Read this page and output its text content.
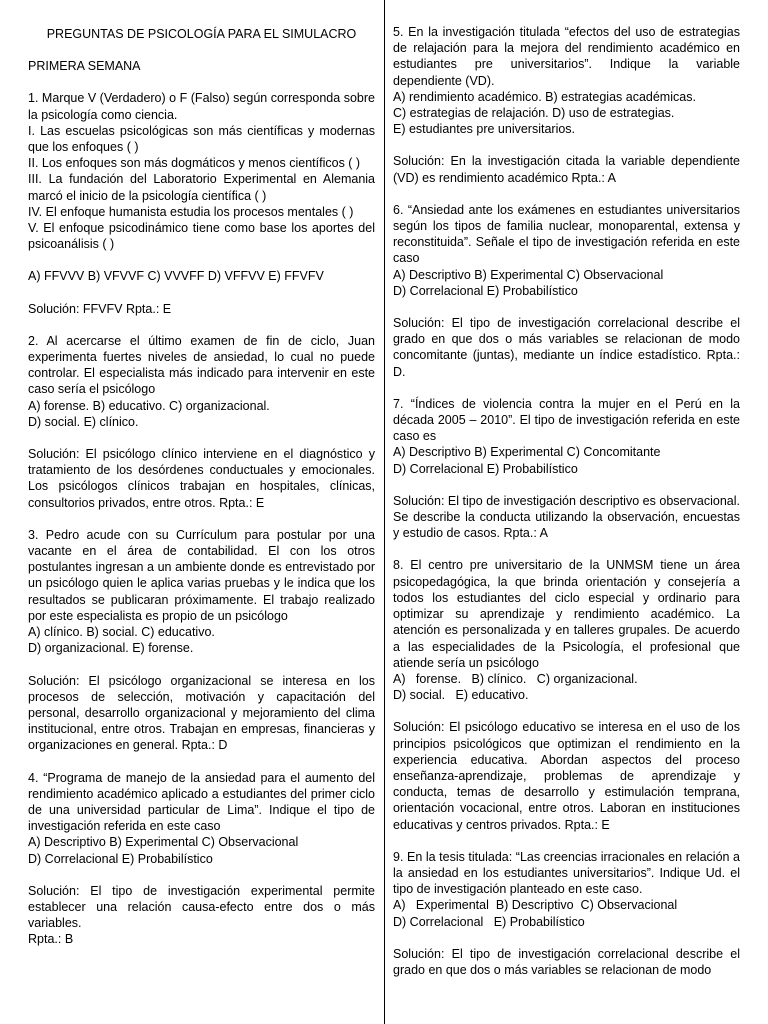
PREGUNTAS DE PSICOLOGÍA PARA EL SIMULACRO

PRIMERA SEMANA

1. Marque V (Verdadero) o F (Falso) según corresponda sobre la psicología como ciencia.

I. Las escuelas psicológicas son más científicas y modernas que los enfoques ( )

II. Los enfoques son más dogmáticos y menos científicos ( )

III. La fundación del Laboratorio Experimental en Alemania marcó el inicio de la psicología científica ( )

IV. El enfoque humanista estudia los procesos mentales ( )

V. El enfoque psicodinámico tiene como base los aportes del psicoanálisis ( )

A) FFVVV B) VFVVF C) VVVFF D) VFFVV E) FFVFV

Solución: FFVFV Rpta.: E

2. Al acercarse el último examen de fin de ciclo, Juan experimenta fuertes niveles de ansiedad, lo cual no puede controlar. El especialista más indicado para intervenir en este caso sería el psicólogo

A) forense. B) educativo. C) organizacional.

D) social. E) clínico.

Solución: El psicólogo clínico interviene en el diagnóstico y tratamiento de los desórdenes conductuales y emocionales. Los psicólogos clínicos trabajan en hospitales, clínicas, consultorios privados, entre otros. Rpta.: E

3. Pedro acude con su Currículum para postular por una vacante en el área de contabilidad. El con los otros postulantes ingresan a un ambiente donde es entrevistado por un psicólogo quien le aplica varias pruebas y le indica que los resultados se publicaran próximamente. El trabajo realizado por este especialista es propio de un psicólogo

A) clínico. B) social. C) educativo.

D) organizacional. E) forense.

Solución: El psicólogo organizacional se interesa en los procesos de selección, motivación y capacitación del personal, desarrollo organizacional y mejoramiento del clima institucional, entre otros. Trabajan en empresas, financieras y organizaciones en general. Rpta.: D

4. “Programa de manejo de la ansiedad para el aumento del rendimiento académico aplicado a estudiantes del primer ciclo de una universidad particular de Lima”. Indique el tipo de investigación referida en este caso

A) Descriptivo B) Experimental C) Observacional

D) Correlacional E) Probabilístico

Solución: El tipo de investigación experimental permite establecer una relación causa-efecto entre dos o más variables.

Rpta.: B

5. En la investigación titulada “efectos del uso de estrategias de relajación para la mejora del rendimiento académico en estudiantes pre universitarios”. Indique la variable dependiente (VD).

A) rendimiento académico. B) estrategias académicas.

C) estrategias de relajación. D) uso de estrategias.

E) estudiantes pre universitarios.

Solución: En la investigación citada la variable dependiente (VD) es rendimiento académico Rpta.: A

6. “Ansiedad ante los exámenes en estudiantes universitarios según los tipos de familia nuclear, monoparental, extensa y reconstituida”. Señale el tipo de investigación referida en este caso

A) Descriptivo B) Experimental C) Observacional

D) Correlacional E) Probabilístico

Solución: El tipo de investigación correlacional describe el grado en que dos o más variables se relacionan de modo concomitante (juntas), mediante un índice estadístico. Rpta.: D.

7. “Índices de violencia contra la mujer en el Perú en la década 2005 – 2010”. El tipo de investigación referida en este caso es

A) Descriptivo B) Experimental C) Concomitante

D) Correlacional E) Probabilístico

Solución: El tipo de investigación descriptivo es observacional. Se describe la conducta utilizando la observación, encuestas y estudio de casos. Rpta.: A

8. El centro pre universitario de la UNMSM tiene un área psicopedagógica, la que brinda orientación y consejería a todos los estudiantes del ciclo especial y ordinario para optimizar su aprendizaje y rendimiento académico. La atención es personalizada y en talleres grupales. De acuerdo a las especialidades de la Psicología, el profesional que atiende sería un psicólogo

A)   forense.   B) clínico.   C) organizacional.

D) social.   E) educativo.

Solución: El psicólogo educativo se interesa en el uso de los principios psicológicos que optimizan el rendimiento en la experiencia educativa. Abordan aspectos del proceso enseñanza-aprendizaje, problemas de aprendizaje y conducta, temas de desarrollo y estimulación temprana, orientación vocacional, entre otros. Laboran en instituciones educativas y centros privados. Rpta.: E

9. En la tesis titulada: “Las creencias irracionales en relación a la ansiedad en los estudiantes universitarios”. Indique Ud. el tipo de investigación planteado en este caso.

A)   Experimental  B) Descriptivo  C) Observacional

D) Correlacional   E) Probabilístico

Solución: El tipo de investigación correlacional describe el grado en que dos o más variables se relacionan de modo
